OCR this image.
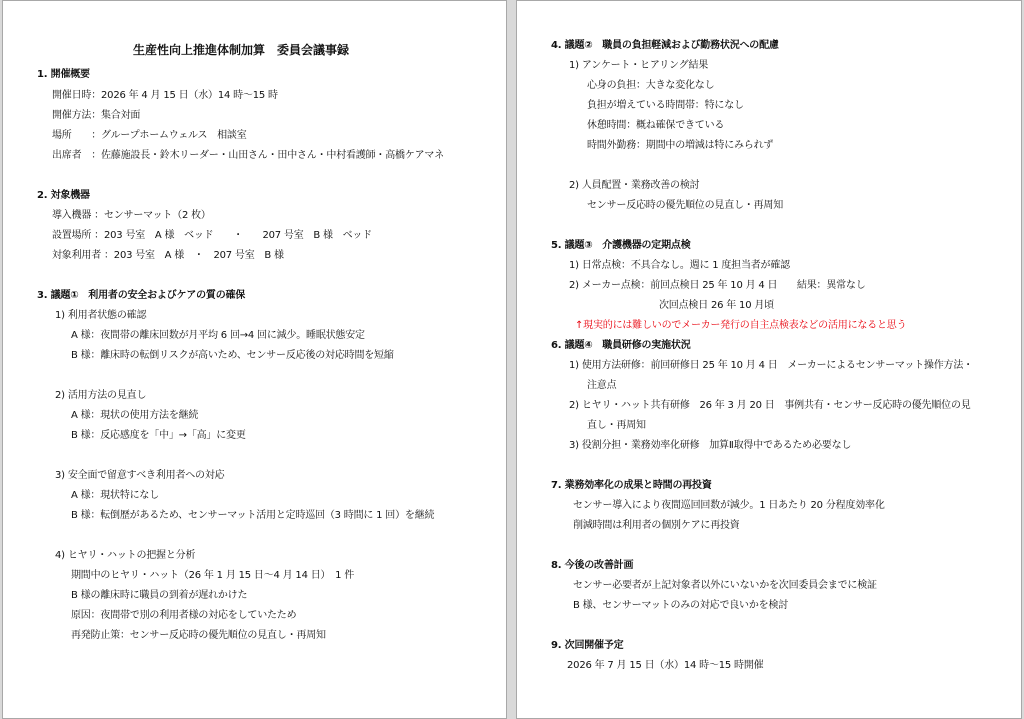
生産性向上推進体制加算　委員会議事録
1. 開催概要
開催日時：2026 年 4 月 15 日（水）14 時～15 時
開催方法：集合対面
場所　　：グループホームウェルス　相談室
出席者　：佐藤施設長・鈴木リーダー・山田さん・田中さん・中村看護師・高橋ケアマネ
2. 対象機器
導入機器 ：センサーマット（2 枚）
設置場所 ：203 号室　A 様　ベッド　　・　　207 号室　B 様　ベッド
対象利用者 ：203 号室　A 様　・　207 号室　B 様
3. 議題①　利用者の安全およびケアの質の確保
1) 利用者状態の確認
A 様：夜間帯の離床回数が月平均 6 回→4 回に減少。睡眠状態安定
B 様：離床時の転倒リスクが高いため、センサー反応後の対応時間を短縮
2) 活用方法の見直し
A 様：現状の使用方法を継続
B 様：反応感度を「中」→「高」に変更
3) 安全面で留意すべき利用者への対応
A 様：現状特になし
B 様：転倒歴があるため、センサーマット活用と定時巡回（3 時間に 1 回）を継続
4) ヒヤリ・ハットの把握と分析
期間中のヒヤリ・ハット（26 年 1 月 15 日～4 月 14 日）　1 件
B 様の離床時に職員の到着が遅れかけた
原因：夜間帯で別の利用者様の対応をしていたため
再発防止策：センサー反応時の優先順位の見直し・再周知
4. 議題②　職員の負担軽減および勤務状況への配慮
1) アンケート・ヒアリング結果
心身の負担：大きな変化なし
負担が増えている時間帯：特になし
休憩時間：概ね確保できている
時間外勤務：期間中の増減は特にみられず
2) 人員配置・業務改善の検討
センサー反応時の優先順位の見直し・再周知
5. 議題③　介護機器の定期点検
1) 日常点検：不具合なし。週に 1 度担当者が確認
2) メーカー点検：前回点検日 25 年 10 月 4 日　　結果：異常なし
次回点検日 26 年 10 月頃
↑現実的には難しいのでメーカー発行の自主点検表などの活用になると思う
6. 議題④　職員研修の実施状況
1) 使用方法研修：前回研修日 25 年 10 月 4 日　メーカーによるセンサーマット操作方法・
注意点
2) ヒヤリ・ハット共有研修　26 年 3 月 20 日　事例共有・センサー反応時の優先順位の見
直し・再周知
3) 役割分担・業務効率化研修　加算Ⅱ取得中であるため必要なし
7. 業務効率化の成果と時間の再投資
センサー導入により夜間巡回回数が減少。1 日あたり 20 分程度効率化
削減時間は利用者の個別ケアに再投資
8. 今後の改善計画
センサー必要者が上記対象者以外にいないかを次回委員会までに検証
B 様、センサーマットのみの対応で良いかを検討
9. 次回開催予定
2026 年 7 月 15 日（水）14 時～15 時開催
